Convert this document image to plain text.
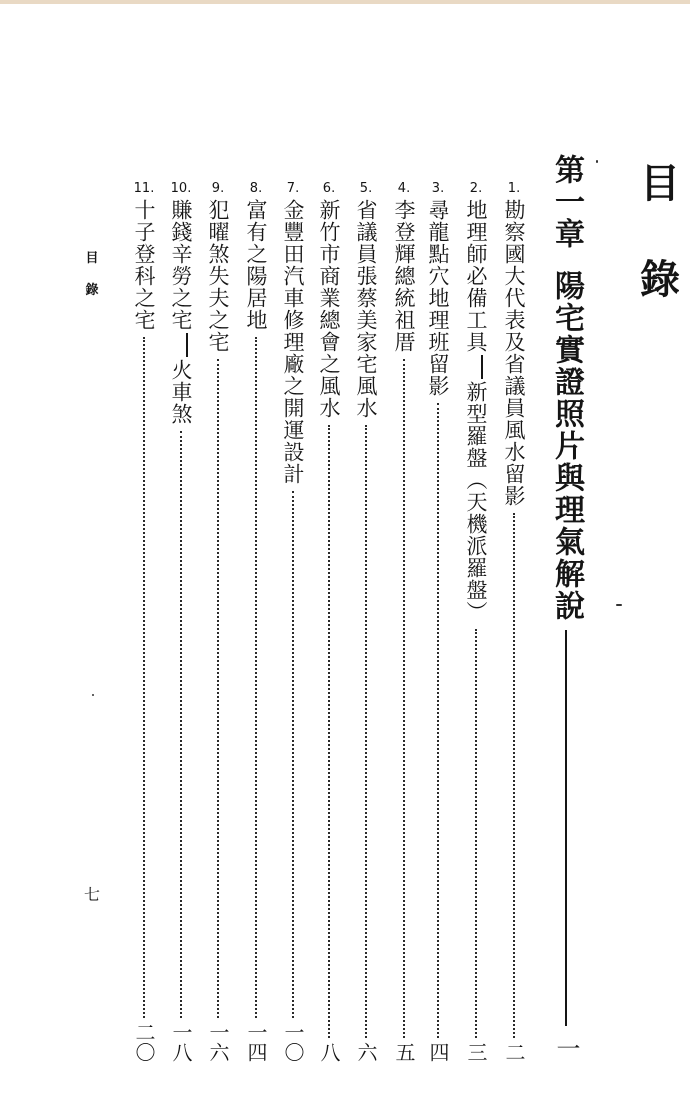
目
錄
第一章陽宅實證照片與理氣解說
一
1.
勘察國大代表及省議員風水留影
二
2.
地理師必備工具新型羅盤（天機派羅盤）
三
3.
尋龍點穴地理班留影
四
4.
李登輝總統祖厝
五
5.
省議員張蔡美家宅風水
六
6.
新竹市商業總會之風水
八
7.
金豐田汽車修理廠之開運設計
一〇
8.
富有之陽居地
一四
9.
犯曜煞失夫之宅
一六
10.
賺錢辛勞之宅火車煞
一八
11.
十子登科之宅
二〇
目
錄
七
